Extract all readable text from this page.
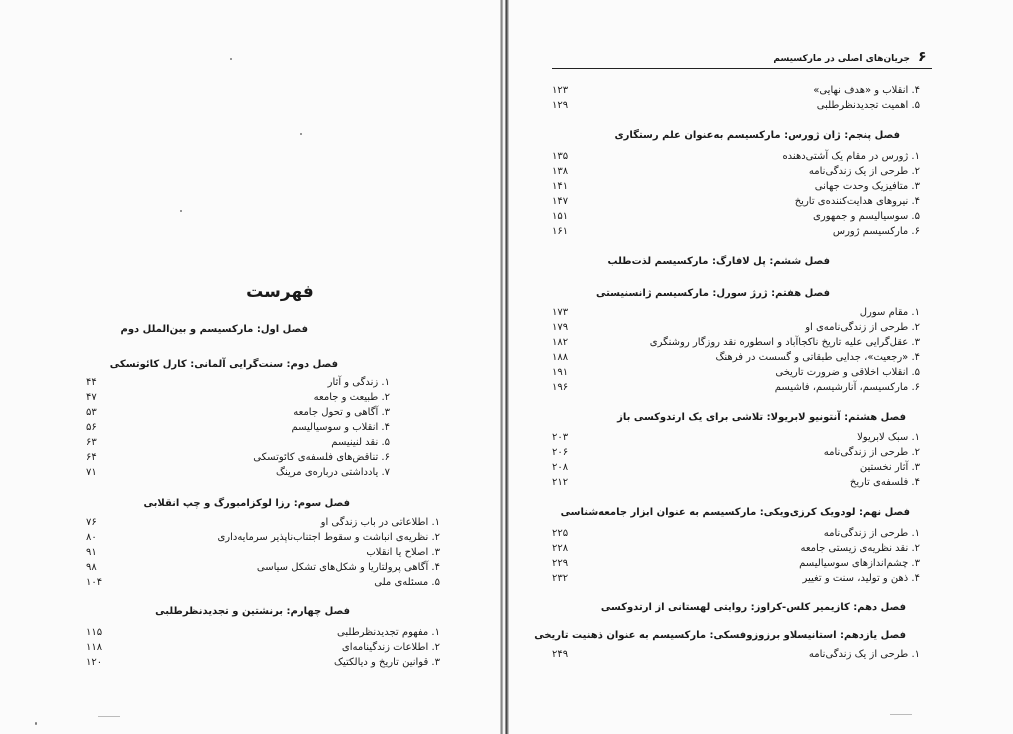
فهرست
فصل اول: مارکسیسم و بین‌الملل دوم
فصل دوم: سنت‌گرایی آلمانی: کارل کائوتسکی
۱. زندگی و آثار
۴۴
۲. طبیعت و جامعه
۴۷
۳. آگاهی و تحول جامعه
۵۳
۴. انقلاب و سوسیالیسم
۵۶
۵. نقد لنینیسم
۶۳
۶. تناقض‌های فلسفه‌ی کائوتسکی
۶۴
۷. یادداشتی درباره‌ی مرینگ
۷۱
فصل سوم: رزا لوکزامبورگ و چپ انقلابی
۱. اطلاعاتی در باب زندگی او
۷۶
۲. نظریه‌ی انباشت و سقوط اجتناب‌ناپذیر سرمایه‌داری
۸۰
۳. اصلاح یا انقلاب
۹۱
۴. آگاهی پرولتاریا و شکل‌های تشکل سیاسی
۹۸
۵. مسئله‌ی ملی
۱۰۴
فصل چهارم: برنشتین و تجدیدنظرطلبی
۱. مفهوم تجدیدنظرطلبی
۱۱۵
۲. اطلاعات زندگینامه‌ای
۱۱۸
۳. قوانین تاریخ و دیالکتیک
۱۲۰
۶
جریان‌های اصلی در مارکسیسم
۴. انقلاب و «هدف نهایی»
۱۲۳
۵. اهمیت تجدیدنظرطلبی
۱۲۹
فصل پنجم: ژان ژورس: مارکسیسم به‌عنوان علم رستگاری
۱. ژورس در مقام یک آشتی‌دهنده
۱۳۵
۲. طرحی از یک زندگی‌نامه
۱۳۸
۳. متافیزیک وحدت جهانی
۱۴۱
۴. نیروهای هدایت‌کننده‌ی تاریخ
۱۴۷
۵. سوسیالیسم و جمهوری
۱۵۱
۶. مارکسیسم ژورس
۱۶۱
فصل ششم: پل لافارگ: مارکسیسم لذت‌طلب
فصل هفتم: ژرژ سورل: مارکسیسم ژانسنیستی
۱. مقام سورل
۱۷۳
۲. طرحی از زندگی‌نامه‌ی او
۱۷۹
۳. عقل‌گرایی علیه تاریخ ناکجاآباد و اسطوره نقد روزگار روشنگری
۱۸۲
۴. «رجعیت»، جدایی طبقاتی و گسست در فرهنگ
۱۸۸
۵. انقلاب اخلاقی و ضرورت تاریخی
۱۹۱
۶. مارکسیسم، آنارشیسم، فاشیسم
۱۹۶
فصل هشتم: آنتونیو لابریولا: تلاشی برای یک ارتدوکسی باز
۱. سبک لابریولا
۲۰۳
۲. طرحی از زندگی‌نامه
۲۰۶
۳. آثار نخستین
۲۰۸
۴. فلسفه‌ی تاریخ
۲۱۲
فصل نهم: لودویک کرزی‌ویکی: مارکسیسم به عنوان ابزار جامعه‌شناسی
۱. طرحی از زندگی‌نامه
۲۲۵
۲. نقد نظریه‌ی زیستی جامعه
۲۲۸
۳. چشم‌اندازهای سوسیالیسم
۲۲۹
۴. ذهن و تولید، سنت و تغییر
۲۳۲
فصل دهم: کازیمیر کلس-کراوز: روایتی لهستانی از ارتدوکسی
فصل یازدهم: استانیسلاو برزوزوفسکی: مارکسیسم به عنوان ذهنیت تاریخی
۱. طرحی از یک زندگی‌نامه
۲۴۹
